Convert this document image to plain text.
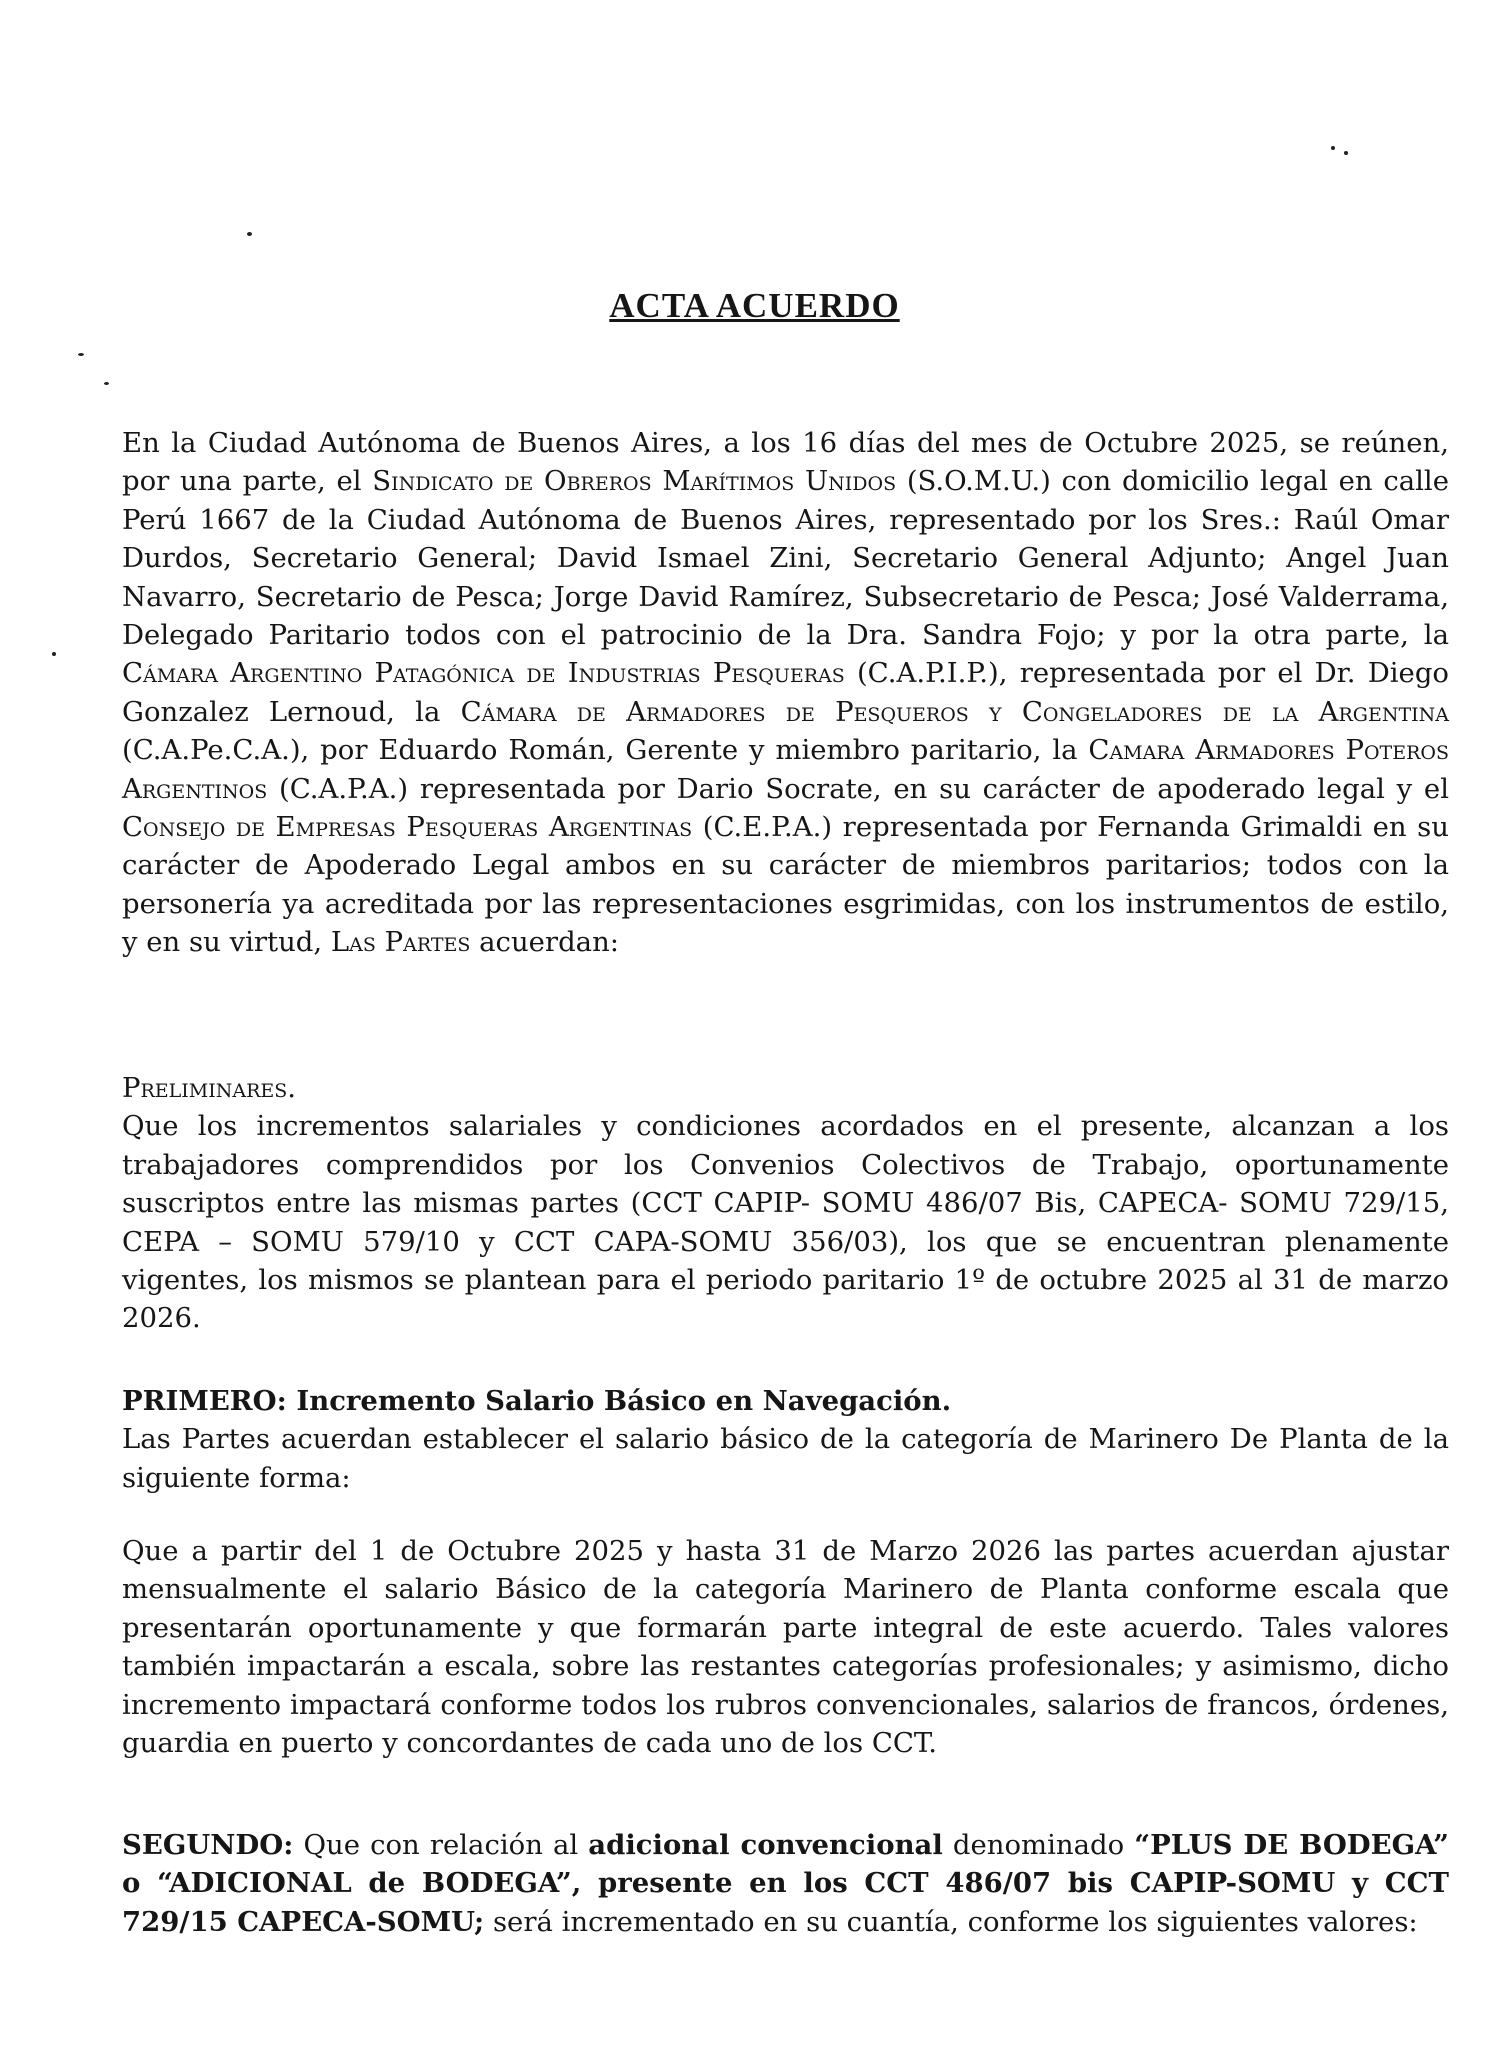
ACTA ACUERDO

En la Ciudad Autónoma de Buenos Aires, a los 16 días del mes de Octubre 2025, se reúnen, por una parte, el Sindicato de Obreros Marítimos Unidos (S.O.M.U.) con domicilio legal en calle Perú 1667 de la Ciudad Autónoma de Buenos Aires, representado por los Sres.: Raúl Omar Durdos, Secretario General; David Ismael Zini, Secretario General Adjunto; Angel Juan Navarro, Secretario de Pesca; Jorge David Ramírez, Subsecretario de Pesca; José Valderrama, Delegado Paritario todos con el patrocinio de la Dra. Sandra Fojo; y por la otra parte, la Cámara Argentino Patagónica de Industrias Pesqueras (C.A.P.I.P.), representada por el Dr. Diego Gonzalez Lernoud, la Cámara de Armadores de Pesqueros y Congeladores de la Argentina (C.A.Pe.C.A.), por Eduardo Román, Gerente y miembro paritario, la Camara Armadores Poteros Argentinos (C.A.P.A.) representada por Dario Socrate, en su carácter de apoderado legal y el Consejo de Empresas Pesqueras Argentinas (C.E.P.A.) representada por Fernanda Grimaldi en su carácter de Apoderado Legal ambos en su carácter de miembros paritarios; todos con la personería ya acreditada por las representaciones esgrimidas, con los instrumentos de estilo, y en su virtud, Las Partes acuerdan:

Preliminares.
Que los incrementos salariales y condiciones acordados en el presente, alcanzan a los trabajadores comprendidos por los Convenios Colectivos de Trabajo, oportunamente suscriptos entre las mismas partes (CCT CAPIP- SOMU 486/07 Bis, CAPECA- SOMU 729/15, CEPA – SOMU 579/10 y CCT CAPA-SOMU 356/03), los que se encuentran plenamente vigentes, los mismos se plantean para el periodo paritario 1º de octubre 2025 al 31 de marzo 2026.

PRIMERO: Incremento Salario Básico en Navegación.
Las Partes acuerdan establecer el salario básico de la categoría de Marinero De Planta de la siguiente forma:

Que a partir del 1 de Octubre 2025 y hasta 31 de Marzo 2026 las partes acuerdan ajustar mensualmente el salario Básico de la categoría Marinero de Planta conforme escala que presentarán oportunamente y que formarán parte integral de este acuerdo. Tales valores también impactarán a escala, sobre las restantes categorías profesionales; y asimismo, dicho incremento impactará conforme todos los rubros convencionales, salarios de francos, órdenes, guardia en puerto y concordantes de cada uno de los CCT.

SEGUNDO: Que con relación al adicional convencional denominado “PLUS DE BODEGA” o “ADICIONAL de BODEGA”, presente en los CCT 486/07 bis CAPIP-SOMU y CCT 729/15 CAPECA-SOMU; será incrementado en su cuantía, conforme los siguientes valores:
